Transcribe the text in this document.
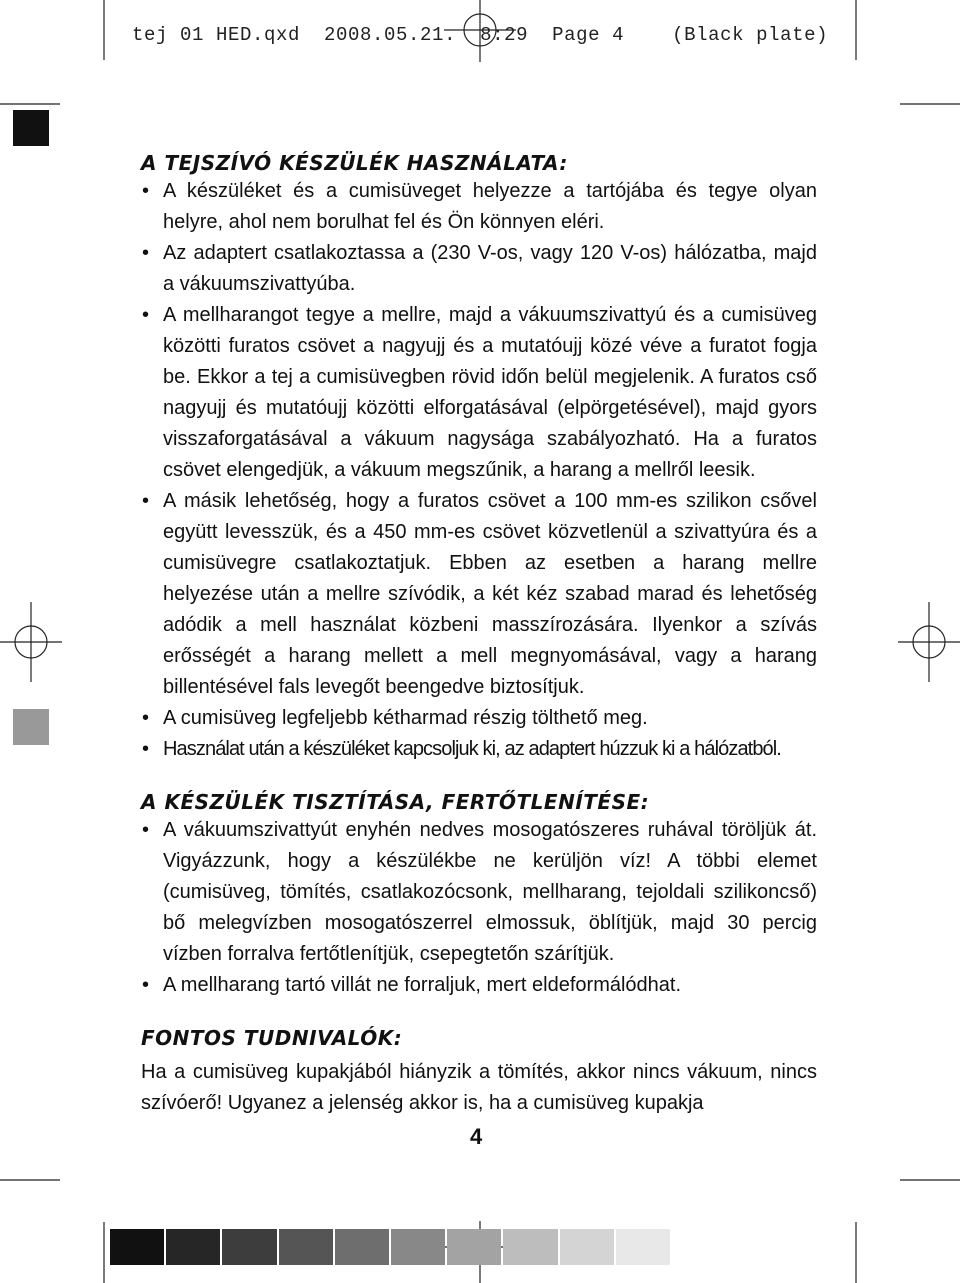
tej 01 HED.qxd  2008.05.21.  8:29  Page 4	(Black plate)

A TEJSZÍVÓ KÉSZÜLÉK HASZNÁLATA:
• A készüléket és a cumisüveget helyezze a tartójába és tegye olyan helyre, ahol nem borulhat fel és Ön könnyen eléri.
• Az adaptert csatlakoztassa a (230 V-os, vagy 120 V-os) hálózatba, majd a vákuumszivattyúba.
• A mellharangot tegye a mellre, majd a vákuumszivattyú és a cumisüveg közötti furatos csövet a nagyujj és a mutatóujj közé véve a furatot fogja be. Ekkor a tej a cumisüvegben rövid időn belül megjelenik. A furatos cső nagyujj és mutatóujj közötti elforgatásával (elpörgetésével), majd gyors visszaforgatásával a vákuum nagysága szabályozható. Ha a furatos csövet elengedjük, a vákuum megszűnik, a harang a mellről leesik.
• A másik lehetőség, hogy a furatos csövet a 100 mm-es szilikon csővel együtt levesszük, és a 450 mm-es csövet közvetlenül a szivattyúra és a cumisüvegre csatlakoztatjuk. Ebben az esetben a harang mellre helyezése után a mellre szívódik, a két kéz szabad marad és lehetőség adódik a mell használat közbeni masszírozására. Ilyenkor a szívás erősségét a harang mellett a mell megnyomásával, vagy a harang billentésével fals levegőt beengedve biztosítjuk.
• A cumisüveg legfeljebb kétharmad részig tölthető meg.
• Használat után a készüléket kapcsoljuk ki, az adaptert húzzuk ki a hálózatból.
A KÉSZÜLÉK TISZTÍTÁSA, FERTŐTLENÍTÉSE:
• A vákuumszivattyút enyhén nedves mosogatószeres ruhával töröljük át. Vigyázzunk, hogy a készülékbe ne kerüljön víz! A többi elemet (cumisüveg, tömítés, csatlakozócsonk, mellharang, tejoldali szilikoncső) bő melegvízben mosogatószerrel elmossuk, öblítjük, majd 30 percig vízben forralva fertőtlenítjük, csepegtetőn szárítjük.
• A mellharang tartó villát ne forraljuk, mert eldeformálódhat.
FONTOS TUDNIVALÓK:

Ha a cumisüveg kupakjából hiányzik a tömítés, akkor nincs vákuum, nincs szívóerő! Ugyanez a jelenség akkor is, ha a cumisüveg kupakja

4
